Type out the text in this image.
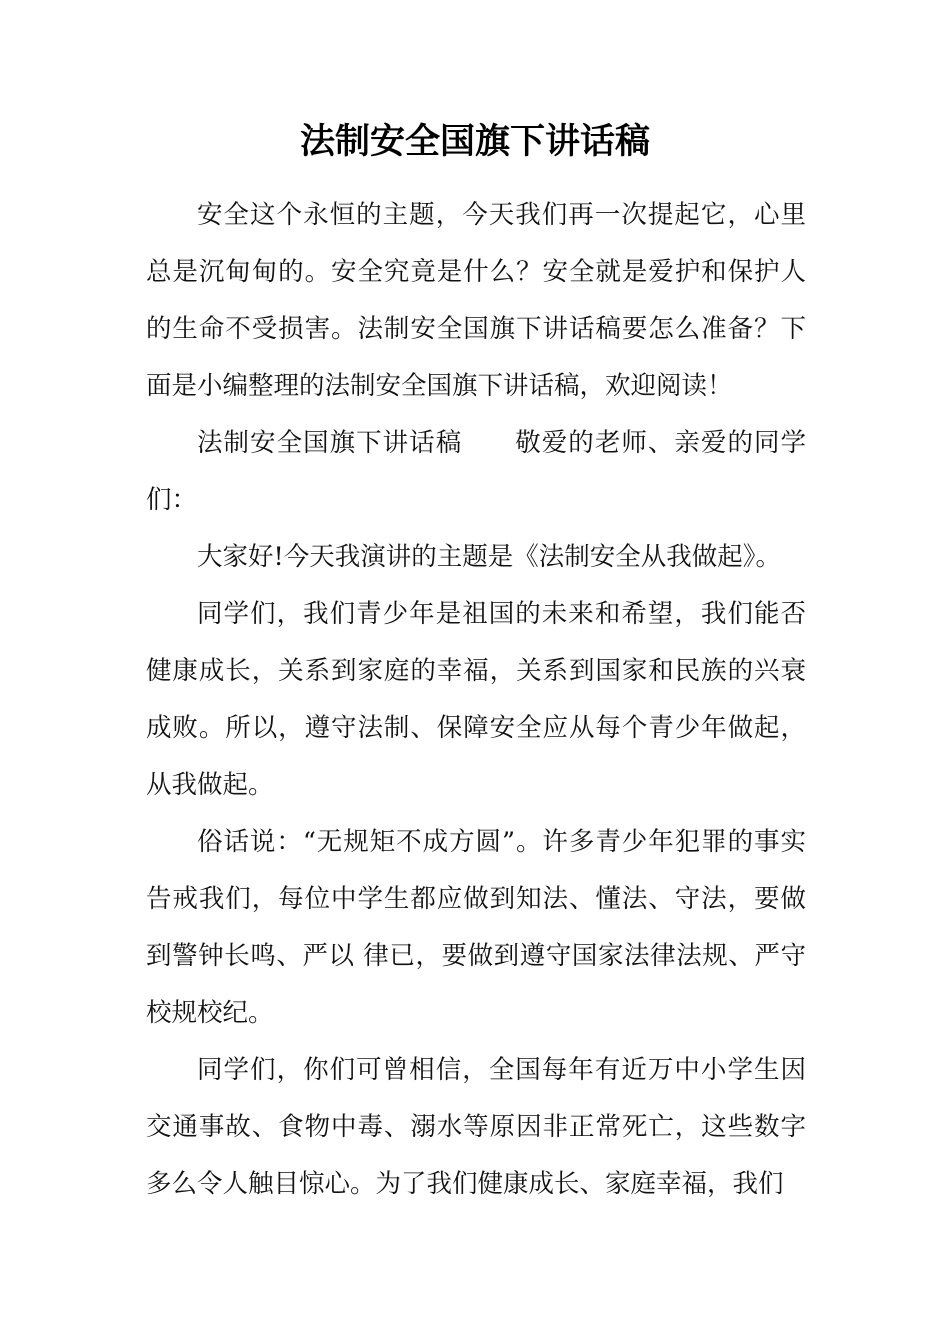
法制安全国旗下讲话稿

安全这个永恒的主题，今天我们再一次提起它，心里总是沉甸甸的。安全究竟是什么？安全就是爱护和保护人的生命不受损害。法制安全国旗下讲话稿要怎么准备？下面是小编整理的法制安全国旗下讲话稿，欢迎阅读！

法制安全国旗下讲话稿　　敬爱的老师、亲爱的同学们：

大家好!今天我演讲的主题是《法制安全从我做起》。

同学们，我们青少年是祖国的未来和希望，我们能否健康成长，关系到家庭的幸福，关系到国家和民族的兴衰成败。所以，遵守法制、保障安全应从每个青少年做起，从我做起。

俗话说：“无规矩不成方圆”。许多青少年犯罪的事实告戒我们，每位中学生都应做到知法、懂法、守法，要做到警钟长鸣、严以 律已，要做到遵守国家法律法规、严守校规校纪。

同学们，你们可曾相信，全国每年有近万中小学生因交通事故、食物中毒、溺水等原因非正常死亡，这些数字多么令人触目惊心。为了我们健康成长、家庭幸福，我们
